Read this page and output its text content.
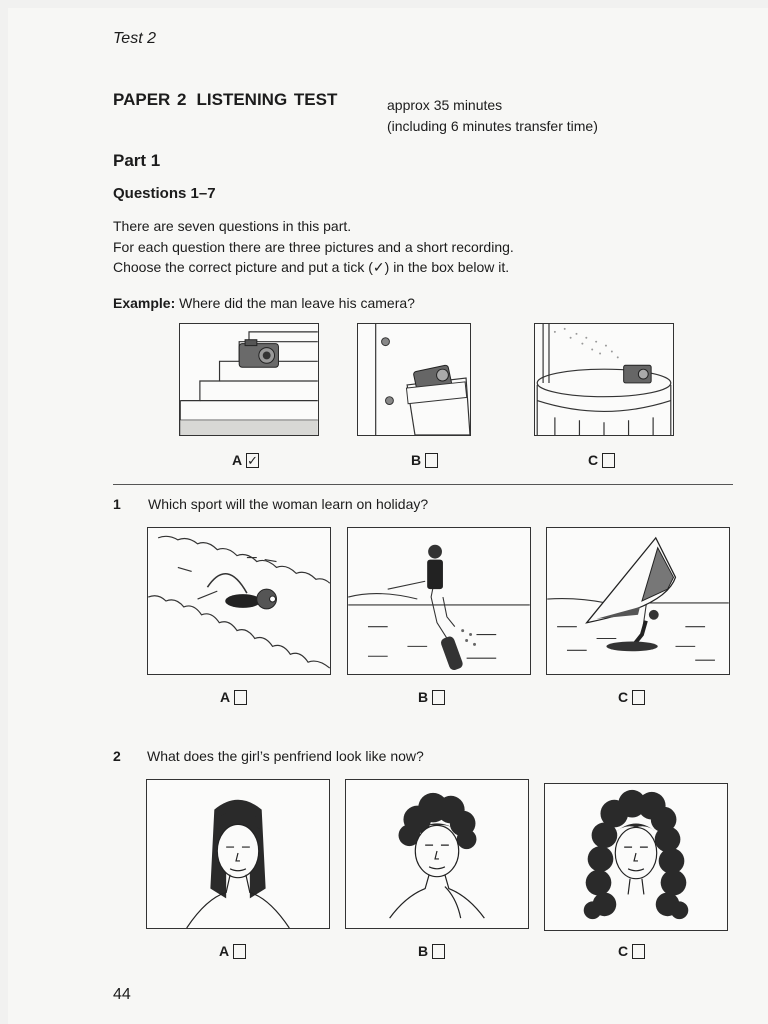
Test 2
PAPER 2 LISTENING TEST	approx 35 minutes
(including 6 minutes transfer time)
Part 1
Questions 1–7
There are seven questions in this part.
For each question there are three pictures and a short recording.
Choose the correct picture and put a tick (✓) in the box below it.
Example: Where did the man leave his camera?
A ✓	B	C
1 Which sport will the woman learn on holiday?
A	B	C
2 What does the girl’s penfriend look like now?
A	B	C
44
